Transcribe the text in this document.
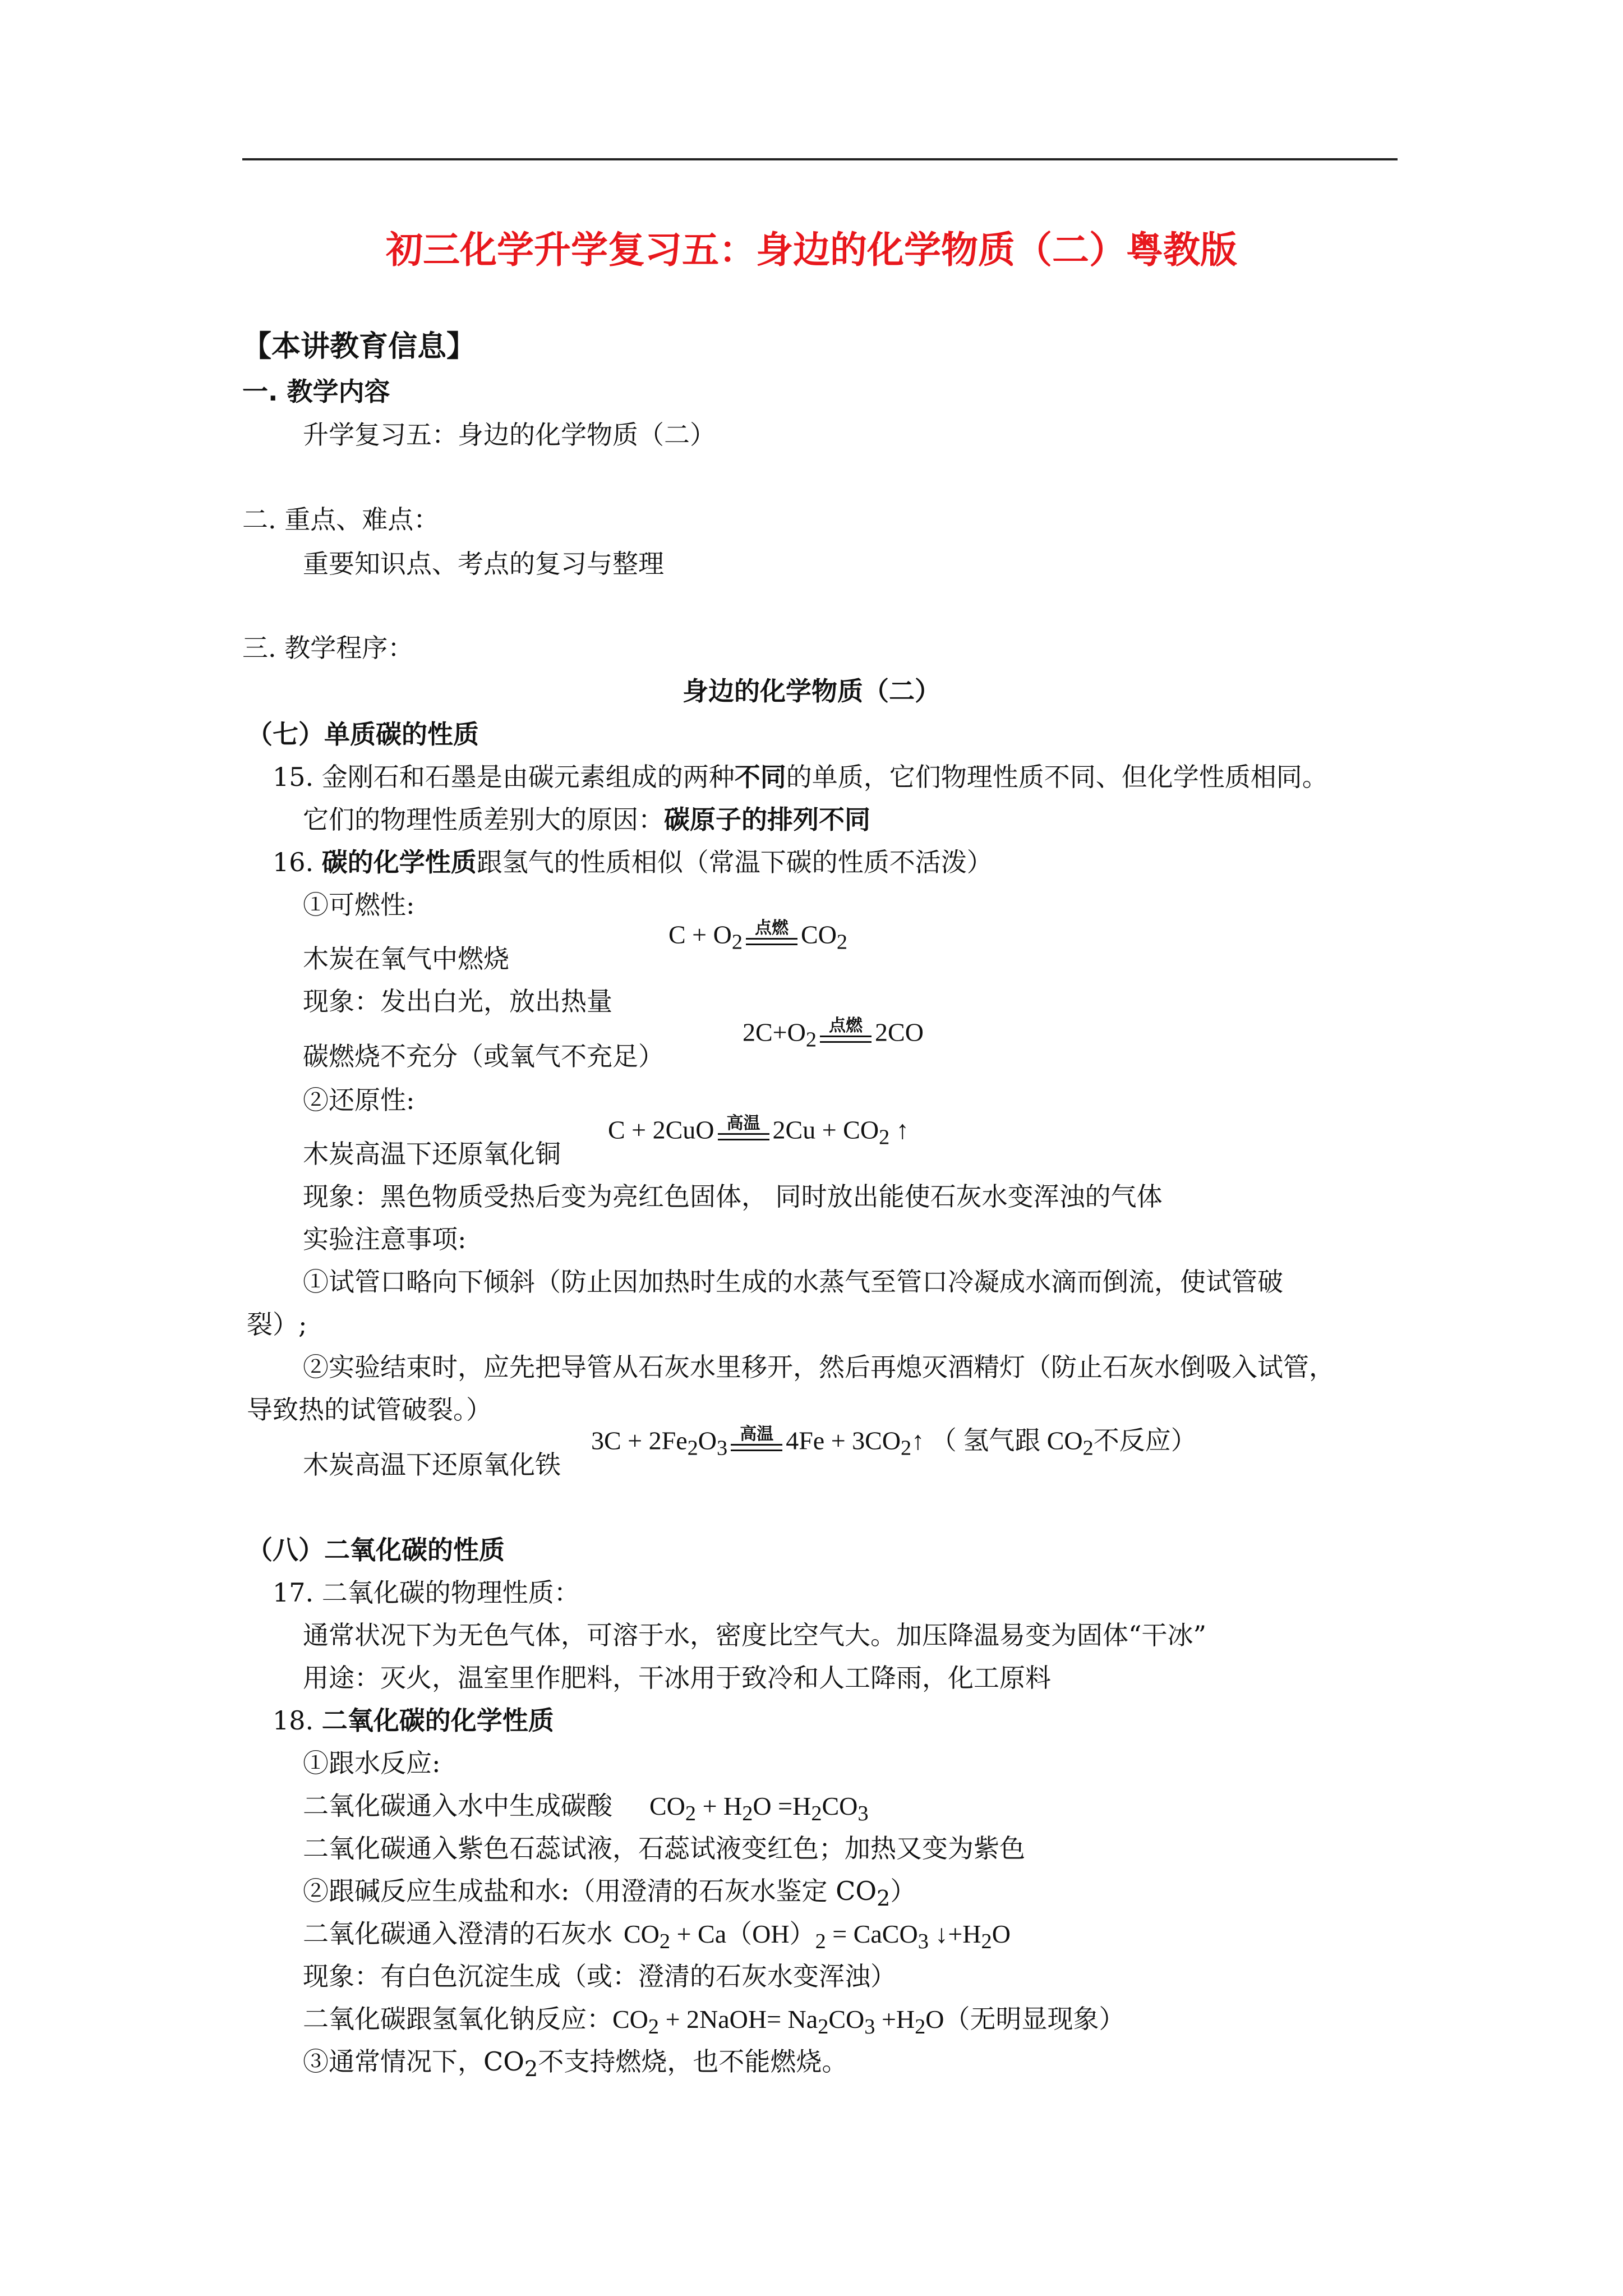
初三化学升学复习五：身边的化学物质（二）粤教版
【本讲教育信息】
一. 教学内容
升学复习五：身边的化学物质（二）
二. 重点、难点：
重要知识点、考点的复习与整理
三. 教学程序：
身边的化学物质（二）
（七）单质碳的性质
15. 金刚石和石墨是由碳元素组成的两种不同的单质，它们物理性质不同、但化学性质相同。
它们的物理性质差别大的原因：碳原子的排列不同
16. 碳的化学性质跟氢气的性质相似（常温下碳的性质不活泼）
①可燃性:
木炭在氧气中燃烧
$C + O_2$
点燃 $CO_2$
现象：发出白光，放出热量
碳燃烧不充分（或氧气不充足）
$2C+O_2$
点燃 2CO
②还原性:
木炭高温下还原氧化铜
C + 2CuO 高温 $2Cu + CO_2$ ↑
现象：黑色物质受热后变为亮红色固体， 同时放出能使石灰水变浑浊的气体
实验注意事项:
①试管口略向下倾斜（防止因加热时生成的水蒸气至管口冷凝成水滴而倒流，使试管破
裂）;
②实验结束时，应先把导管从石灰水里移开，然后再熄灭酒精灯（防止石灰水倒吸入试管，
导致热的试管破裂。）
木炭高温下还原氧化铁
$3C + 2Fe_2O_3$
高温 $4Fe + 3CO_2↑$ （ 氢气跟 $CO_2$不反应）
（八）二氧化碳的性质
17. 二氧化碳的物理性质：
通常状况下为无色气体，可溶于水，密度比空气大。加压降温易变为固体“干冰”
用途：灭火，温室里作肥料，干冰用于致冷和人工降雨，化工原料
18. 二氧化碳的化学性质
①跟水反应:
二氧化碳通入水中生成碳酸 $CO_2 + H_2O =H_2CO_3$
二氧化碳通入紫色石蕊试液，石蕊试液变红色；加热又变为紫色
②跟碱反应生成盐和水:（用澄清的石灰水鉴定 $CO_2$）
二氧化碳通入澄清的石灰水 $CO_2 + Ca(OH)_2$ = CaCO$_3$ $↓+H_2O$
现象：有白色沉淀生成（或：澄清的石灰水变浑浊）
二氧化碳跟氢氧化钠反应：$CO_2$ + 2NaOH= $Na_2CO_3 +H_2O$（无明显现象）
③通常情况下，$CO_2$不支持燃烧，也不能燃烧。
